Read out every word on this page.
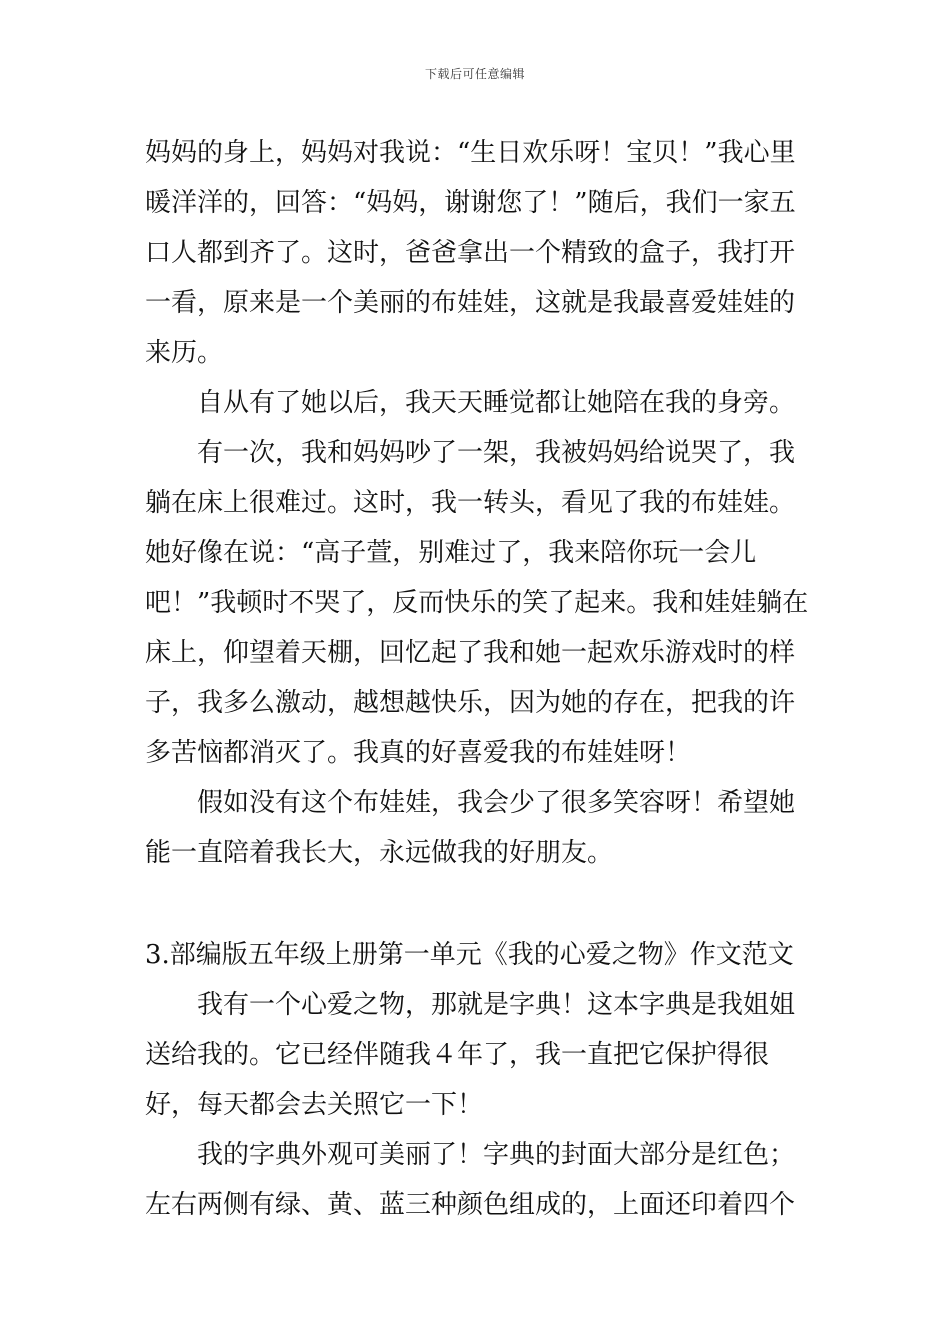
下载后可任意编辑

妈妈的身上，妈妈对我说：“生日欢乐呀！宝贝！”我心里暖洋洋的，回答：“妈妈，谢谢您了！”随后，我们一家五口人都到齐了。这时，爸爸拿出一个精致的盒子，我打开一看，原来是一个美丽的布娃娃，这就是我最喜爱娃娃的来历。

自从有了她以后，我天天睡觉都让她陪在我的身旁。

有一次，我和妈妈吵了一架，我被妈妈给说哭了，我躺在床上很难过。这时，我一转头，看见了我的布娃娃。她好像在说：“高子萱，别难过了，我来陪你玩一会儿吧！”我顿时不哭了，反而快乐的笑了起来。我和娃娃躺在床上，仰望着天棚，回忆起了我和她一起欢乐游戏时的样子，我多么激动，越想越快乐，因为她的存在，把我的许多苦恼都消灭了。我真的好喜爱我的布娃娃呀！

假如没有这个布娃娃，我会少了很多笑容呀！希望她能一直陪着我长大，永远做我的好朋友。

3.部编版五年级上册第一单元《我的心爱之物》作文范文

我有一个心爱之物，那就是字典！这本字典是我姐姐送给我的。它已经伴随我４年了，我一直把它保护得很好，每天都会去关照它一下！

我的字典外观可美丽了！字典的封面大部分是红色；左右两侧有绿、黄、蓝三种颜色组成的，上面还印着四个
